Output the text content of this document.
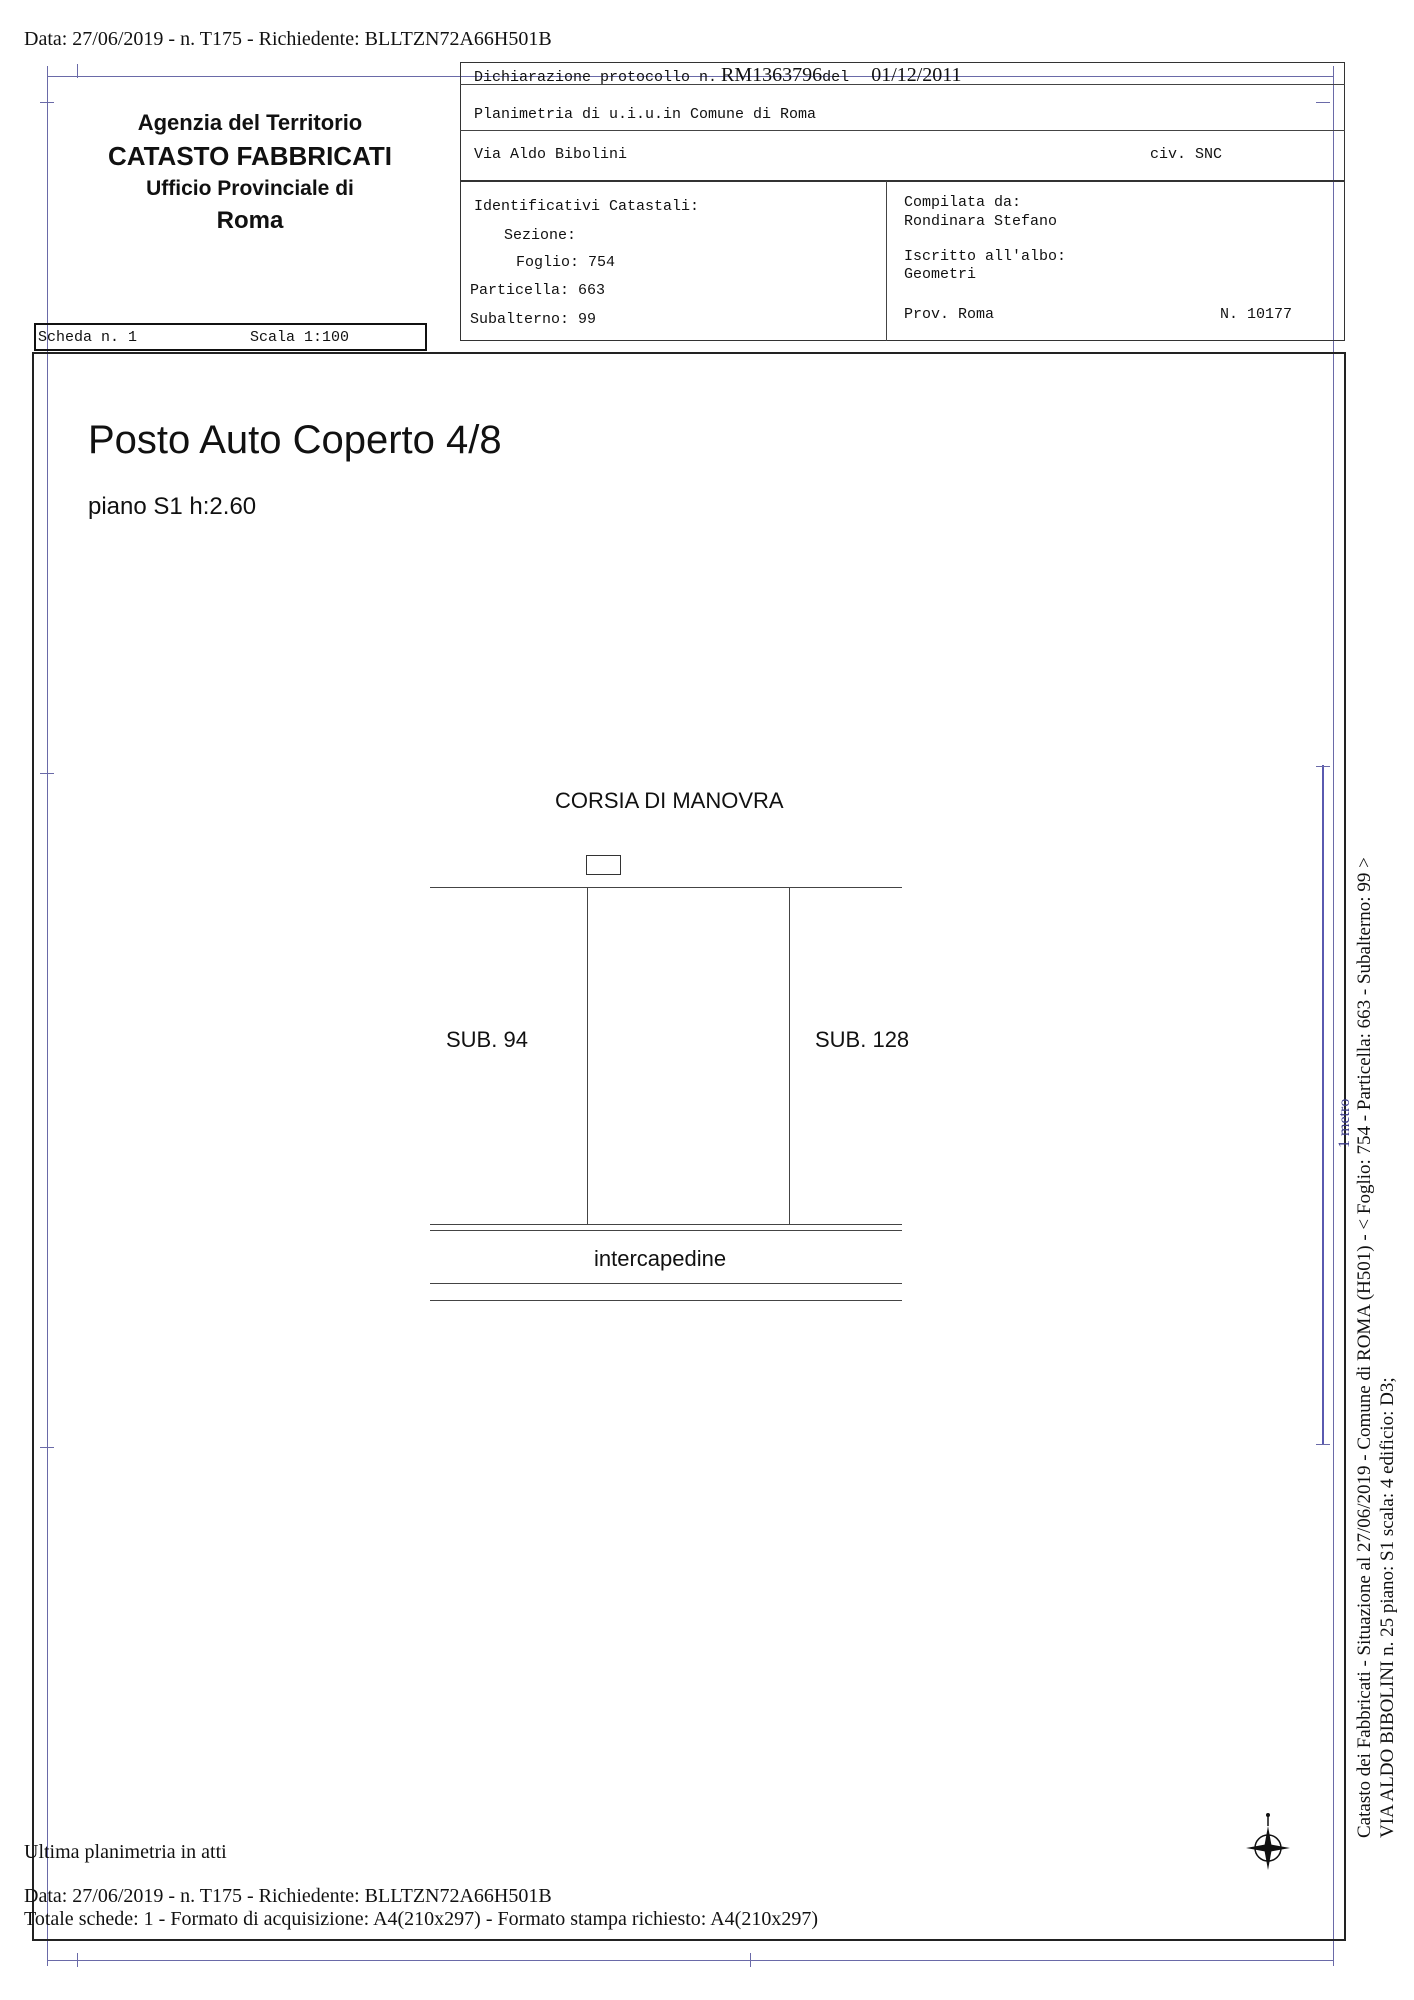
Data: 27/06/2019 - n. T175 - Richiedente: BLLTZN72A66H501B
Agenzia del Territorio
CATASTO FABBRICATI
Ufficio Provinciale di
Roma
Dichiarazione protocollo n. RM1363796del 01/12/2011
Planimetria di u.i.u.in Comune di Roma
Via Aldo Bibolini	civ. SNC
Identificativi Catastali:
Sezione:
Foglio: 754
Particella: 663
Subalterno: 99
Compilata da:
Rondinara Stefano
Iscritto all'albo:
Geometri
Prov. Roma	N. 10177
Scheda n. 1	Scala 1:100
Posto Auto Coperto 4/8
piano S1 h:2.60
CORSIA DI MANOVRA
SUB. 94	SUB. 128
intercapedine
1 metro Catasto dei Fabbricati - Situazione al 27/06/2019 - Comune di ROMA (H501) - < Foglio: 754 - Particella: 663 - Subalterno: 99 > VIA ALDO BIBOLINI n. 25 piano: S1 scala: 4 edificio: D3;
Ultima planimetria in atti
Data: 27/06/2019 - n. T175 - Richiedente: BLLTZN72A66H501B
Totale schede: 1 - Formato di acquisizione: A4(210x297) - Formato stampa richiesto: A4(210x297)
